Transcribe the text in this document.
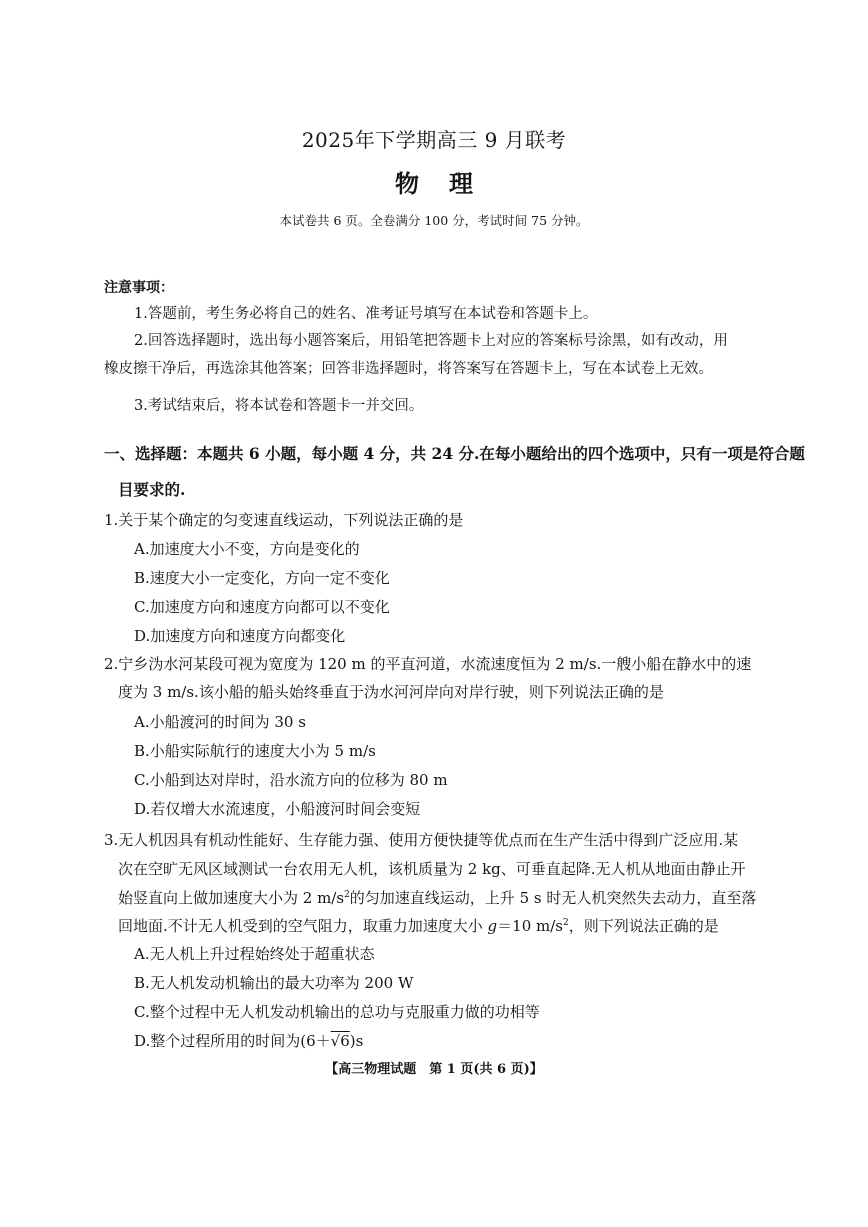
2025年下学期高三 9 月联考
物理
本试卷共 6 页。全卷满分 100 分，考试时间 75 分钟。
注意事项：
1.答题前，考生务必将自己的姓名、准考证号填写在本试卷和答题卡上。
2.回答选择题时，选出每小题答案后，用铅笔把答题卡上对应的答案标号涂黑，如有改动，用
橡皮擦干净后，再选涂其他答案；回答非选择题时，将答案写在答题卡上，写在本试卷上无效。
3.考试结束后，将本试卷和答题卡一并交回。
一、选择题：本题共 6 小题，每小题 4 分，共 24 分.在每小题给出的四个选项中，只有一项是符合题
目要求的.
1.关于某个确定的匀变速直线运动，下列说法正确的是
A.加速度大小不变，方向是变化的
B.速度大小一定变化，方向一定不变化
C.加速度方向和速度方向都可以不变化
D.加速度方向和速度方向都变化
2.宁乡沩水河某段可视为宽度为 120 m 的平直河道，水流速度恒为 2 m/s.一艘小船在静水中的速
度为 3 m/s.该小船的船头始终垂直于沩水河河岸向对岸行驶，则下列说法正确的是
A.小船渡河的时间为 30 s
B.小船实际航行的速度大小为 5 m/s
C.小船到达对岸时，沿水流方向的位移为 80 m
D.若仅增大水流速度，小船渡河时间会变短
3.无人机因具有机动性能好、生存能力强、使用方便快捷等优点而在生产生活中得到广泛应用.某
次在空旷无风区域测试一台农用无人机，该机质量为 2 kg、可垂直起降.无人机从地面由静止开
始竖直向上做加速度大小为 2 $m/s^2$的匀加速直线运动，上升 5 s 时无人机突然失去动力，直至落
回地面.不计无人机受到的空气阻力，取重力加速度大小 g＝10 $m/s^2$，则下列说法正确的是
A.无人机上升过程始终处于超重状态
B.无人机发动机输出的最大功率为 200 W
C.整个过程中无人机发动机输出的总功与克服重力做的功相等
D.整个过程所用的时间为(6＋√6)s
【高三物理试题　第 1 页(共 6 页)】
